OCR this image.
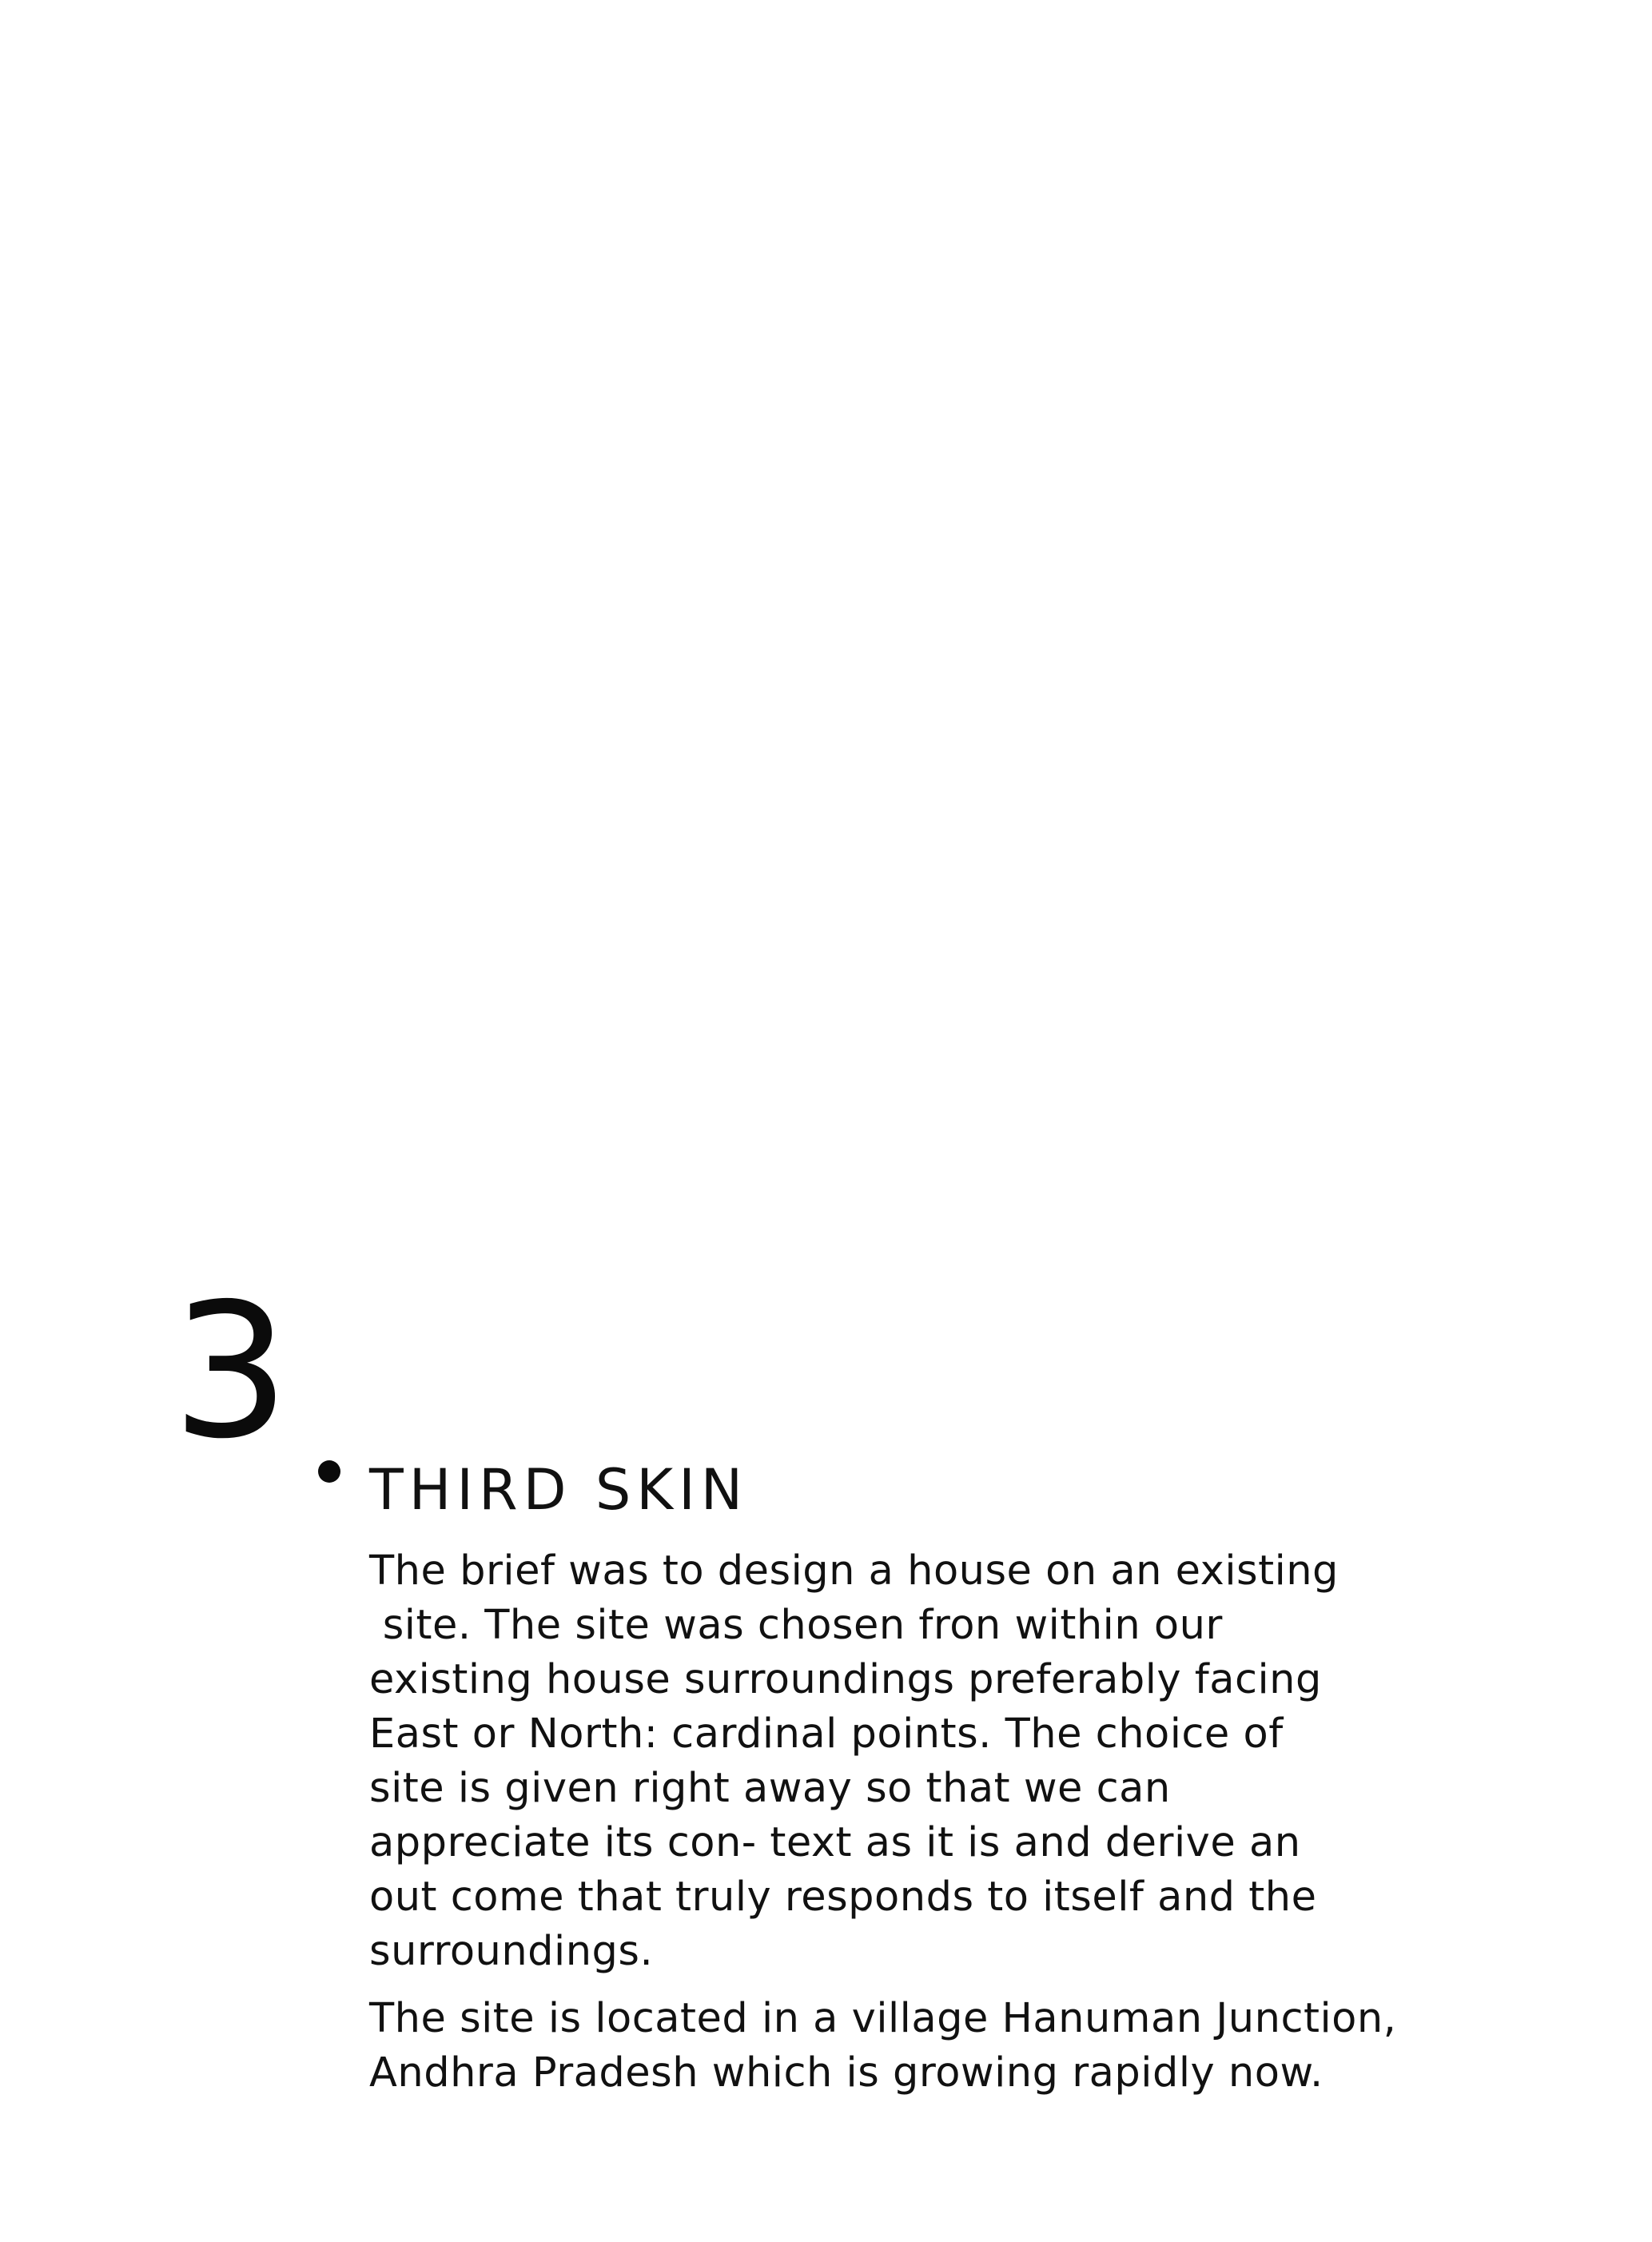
3
THIRD SKIN

The brief was to design a house on an existing
site. The site was chosen fron within our
existing house surroundings preferably facing
East or North: cardinal points. The choice of
site is given right away so that we can
appreciate its con- text as it is and derive an
out come that truly responds to itself and the
surroundings.

The site is located in a village Hanuman Junction,
Andhra Pradesh which is growing rapidly now.
